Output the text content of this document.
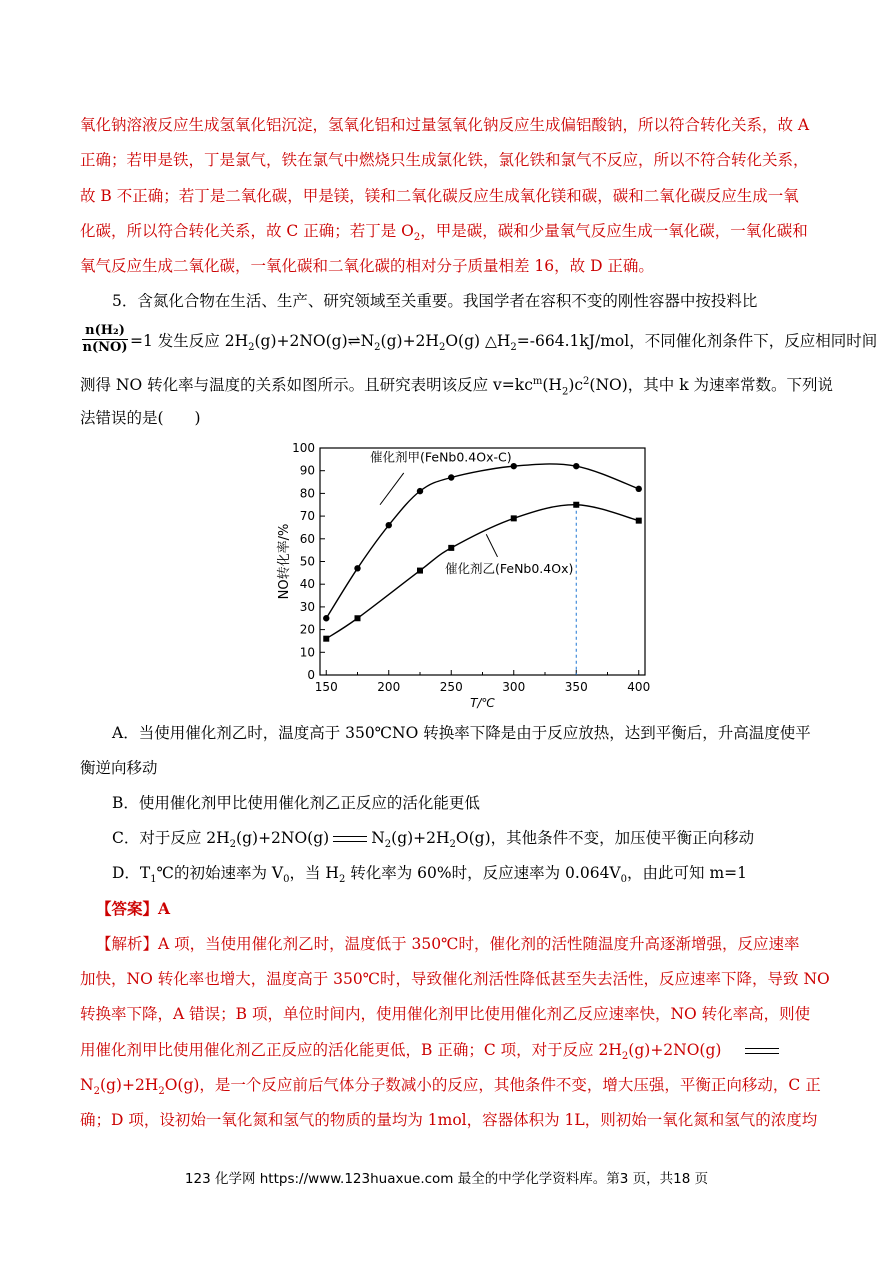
氧化钠溶液反应生成氢氧化铝沉淀，氢氧化铝和过量氢氧化钠反应生成偏铝酸钠，所以符合转化关系，故 A
正确；若甲是铁，丁是氯气，铁在氯气中燃烧只生成氯化铁，氯化铁和氯气不反应，所以不符合转化关系，
故 B 不正确；若丁是二氧化碳，甲是镁，镁和二氧化碳反应生成氧化镁和碳，碳和二氧化碳反应生成一氧
化碳，所以符合转化关系，故 C 正确；若丁是 $O_2$，甲是碳，碳和少量氧气反应生成一氧化碳，一氧化碳和
氧气反应生成二氧化碳，一氧化碳和二氧化碳的相对分子质量相差 16，故 D 正确。
5．含氮化合物在生活、生产、研究领域至关重要。我国学者在容积不变的刚性容器中按投料比
$\frac{\text{n(H₂)}}{n(NO)} =1$ 发生反应 $2H_2(g)+2NO(g)\rightleftharpoons N_2(g)+2H_2O(g)$ $\triangle H_2=-664.1kJ$/mol，不同催化剂条件下，反应相同时间
测得 NO 转化率与温度的关系如图所示。且研究表明该反应 $v=kc^m(H_2)c^2(NO)$，其中 k 为速率常数。下列说
法错误的是(　　)
0
10
20
30
40
50
60
70
80
90
100
150	200	250	300	350	400
T/℃
NO转化率/%
催化剂甲(FeNb0.4Ox-C)
催化剂乙(FeNb0.4Ox)
A．当使用催化剂乙时，温度高于 350℃NO 转换率下降是由于反应放热，达到平衡后，升高温度使平
衡逆向移动
B．使用催化剂甲比使用催化剂乙正反应的活化能更低
C．对于反应 $2H_2(g)+2NO(g)$	$N_2(g)+2H_2O(g)$，其他条件不变，加压使平衡正向移动
D．$T_1℃$的初始速率为 $V_0$，当 $H_2$ 转化率为 60%时，反应速率为 $0.064V_0$，由此可知 m=1
【答案】A
【解析】A 项，当使用催化剂乙时，温度低于 350℃时，催化剂的活性随温度升高逐渐增强，反应速率
加快，NO 转化率也增大，温度高于 350℃时，导致催化剂活性降低甚至失去活性，反应速率下降，导致 NO
转换率下降，A 错误；B 项，单位时间内，使用催化剂甲比使用催化剂乙反应速率快，NO 转化率高，则使
用催化剂甲比使用催化剂乙正反应的活化能更低，B 正确；C 项，对于反应 $2H_2(g)+2NO(g)$
$N_2(g)+2H_2O(g)$，是一个反应前后气体分子数减小的反应，其他条件不变，增大压强，平衡正向移动，C 正
确；D 项，设初始一氧化氮和氢气的物质的量均为 1mol，容器体积为 1L，则初始一氧化氮和氢气的浓度均
123 化学网 https://www.123huaxue.com 最全的中学化学资料库。第3 页，共18 页
